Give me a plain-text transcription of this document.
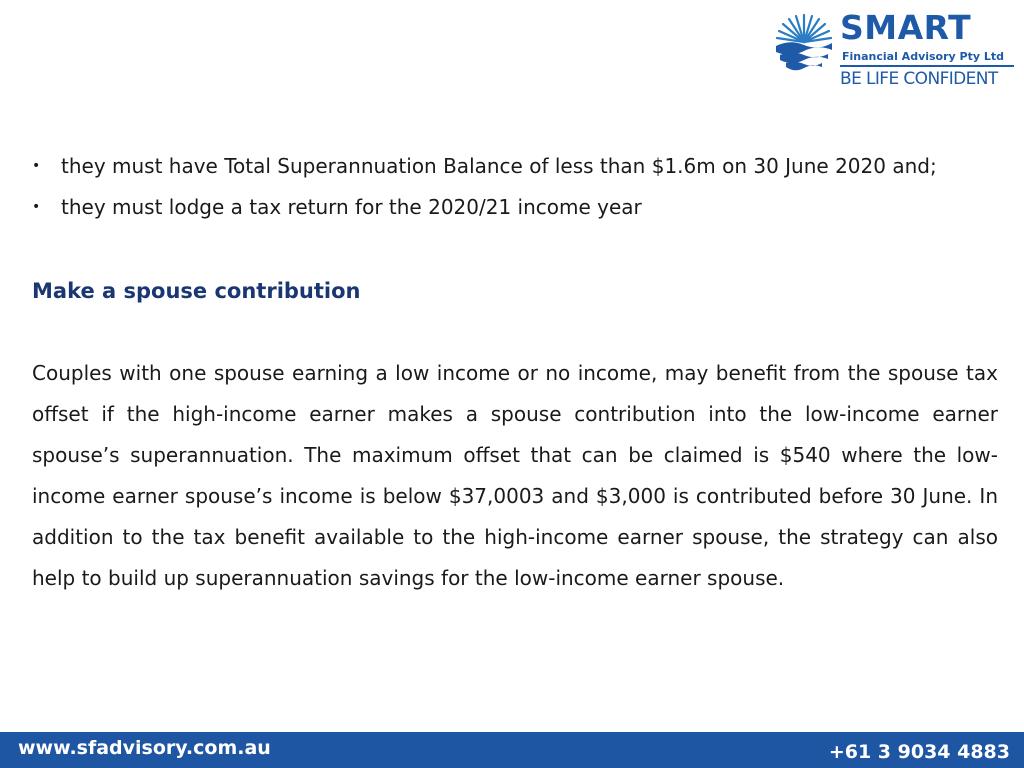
SMART
Financial Advisory Pty Ltd
BE LIFE CONFIDENT
• they must have Total Superannuation Balance of less than $1.6m on 30 June 2020 and;
• they must lodge a tax return for the 2020/21 income year
Make a spouse contribution

Couples with one spouse earning a low income or no income, may benefit from the spouse tax offset if the high-income earner makes a spouse contribution into the low-income earner spouse’s superannuation. The maximum offset that can be claimed is $540 where the low-income earner spouse’s income is below $37,0003 and $3,000 is contributed before 30 June. In addition to the tax benefit available to the high-income earner spouse, the strategy can also help to build up superannuation savings for the low-income earner spouse.

www.sfadvisory.com.au	+61 3 9034 4883
